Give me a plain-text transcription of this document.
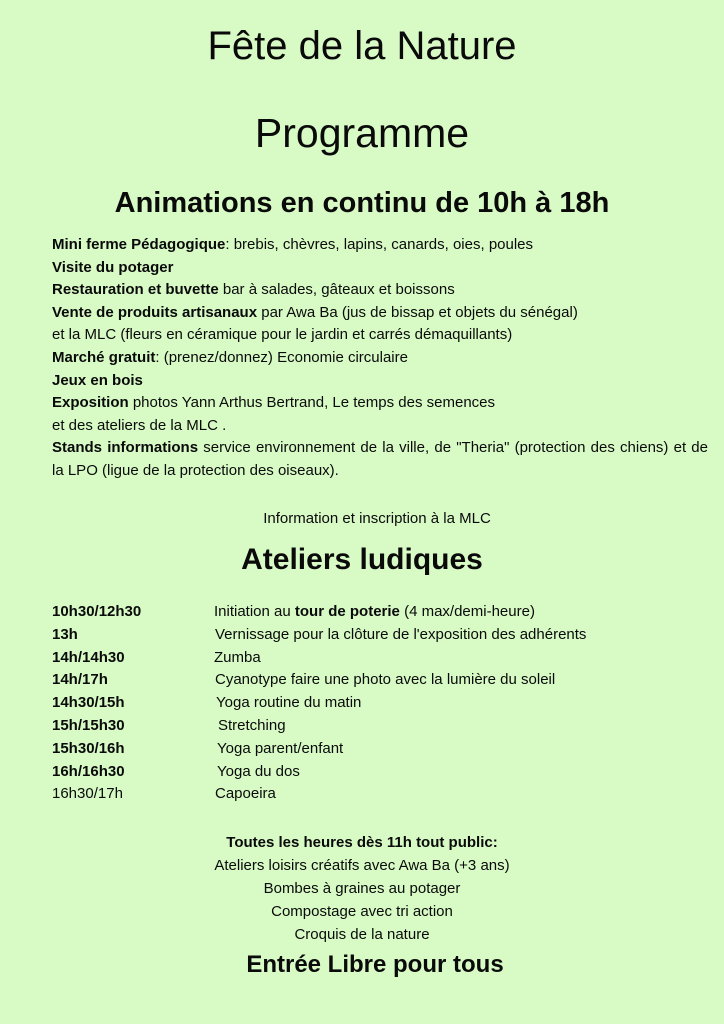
Fête de la Nature
Programme
Animations en continu de 10h à 18h
Mini ferme Pédagogique: brebis, chèvres, lapins, canards, oies, poules
Visite du potager
Restauration et buvette bar à salades, gâteaux et boissons
Vente de produits artisanaux par Awa Ba (jus de bissap et objets du sénégal)
et la MLC (fleurs en céramique pour le jardin et carrés démaquillants)
Marché gratuit: (prenez/donnez) Economie circulaire
Jeux en bois
Exposition photos Yann Arthus Bertrand, Le temps des semences
et des ateliers de la MLC .
Stands informations service environnement de la ville, de "Theria" (protection des chiens) et de la LPO (ligue de la protection des oiseaux).
Information et inscription à la MLC
Ateliers ludiques
10h30/12h30	Initiation au tour de poterie (4 max/demi-heure)
13h	Vernissage pour la clôture de l'exposition des adhérents
14h/14h30	Zumba
14h/17h	Cyanotype faire une photo avec la lumière du soleil
14h30/15h	Yoga routine du matin
15h/15h30	Stretching
15h30/16h	Yoga parent/enfant
16h/16h30	Yoga du dos
16h30/17h	Capoeira
Toutes les heures dès 11h tout public:
Ateliers loisirs créatifs avec Awa Ba (+3 ans)
Bombes à graines au potager
Compostage avec tri action
Croquis de la nature
Entrée Libre pour tous
